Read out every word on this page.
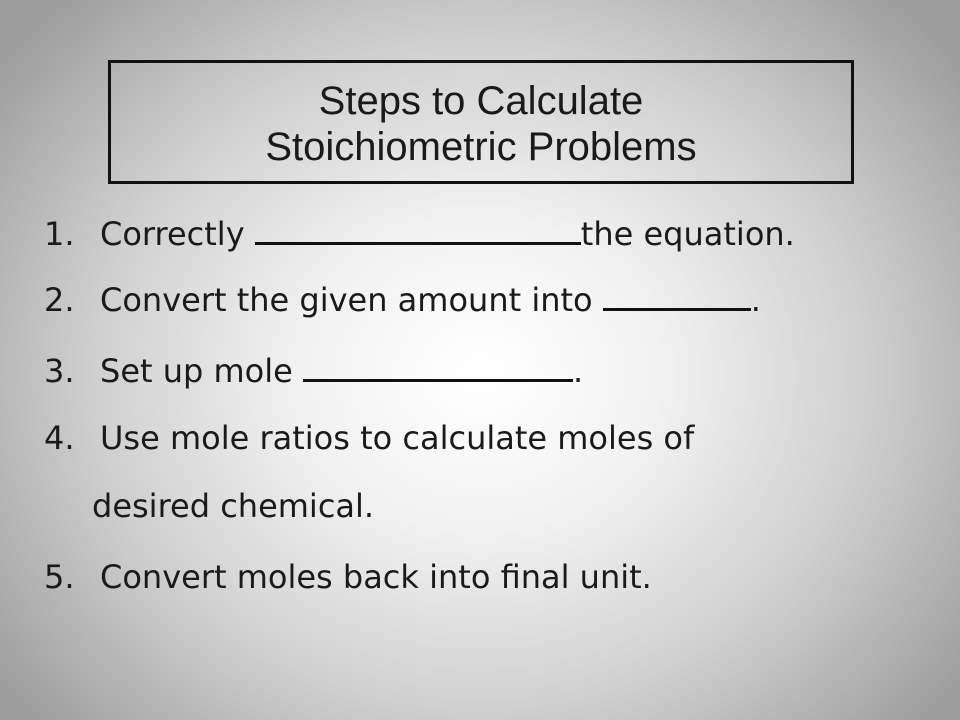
Steps to Calculate
Stoichiometric Problems
1. Correctly	the equation.
2. Convert the given amount into	.
3. Set up mole	.
4. Use mole ratios to calculate moles of
desired chemical.
5. Convert moles back into final unit.
